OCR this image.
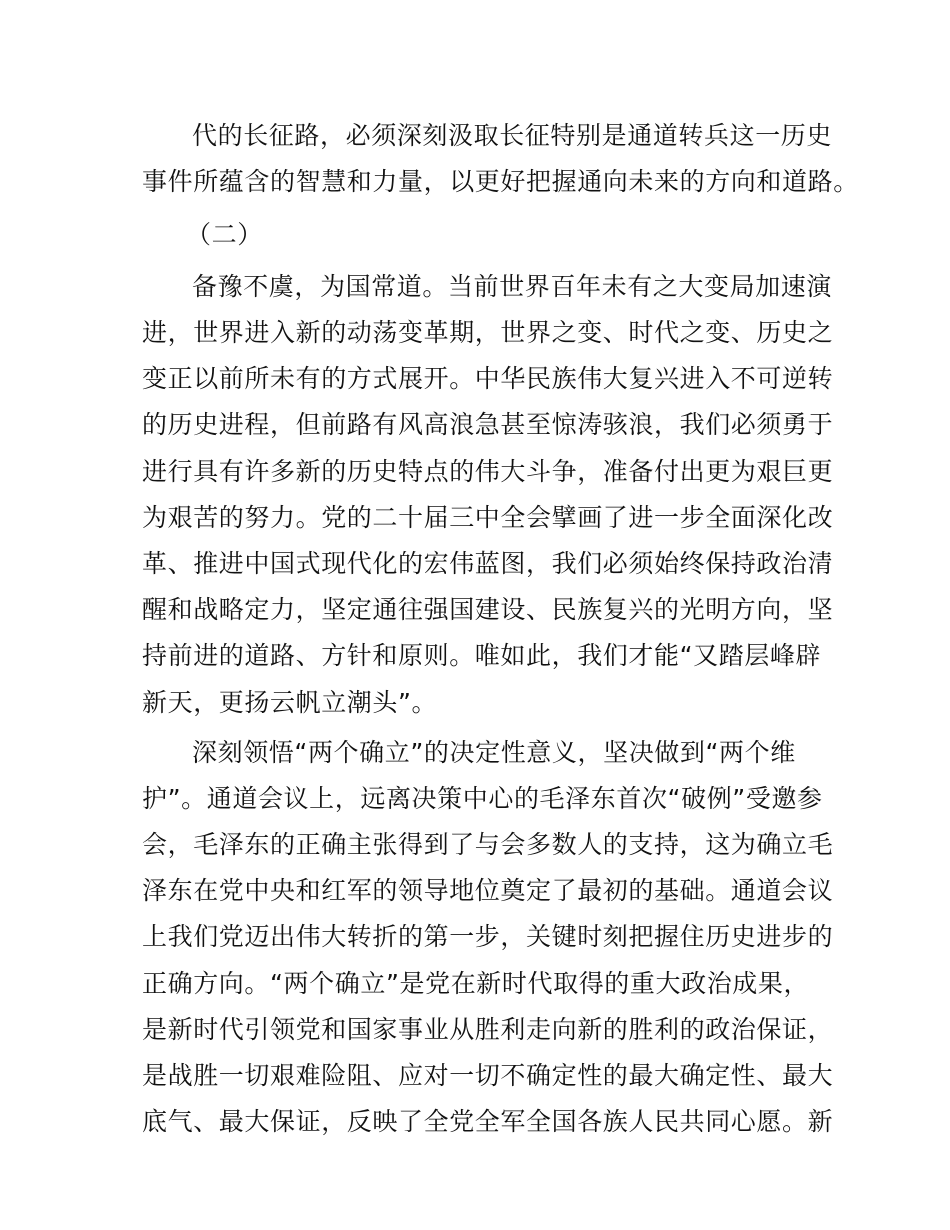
代的长征路，必须深刻汲取长征特别是通道转兵这一历史
事件所蕴含的智慧和力量，以更好把握通向未来的方向和道路。
（二）
备豫不虞，为国常道。当前世界百年未有之大变局加速演
进，世界进入新的动荡变革期，世界之变、时代之变、历史之
变正以前所未有的方式展开。中华民族伟大复兴进入不可逆转
的历史进程，但前路有风高浪急甚至惊涛骇浪，我们必须勇于
进行具有许多新的历史特点的伟大斗争，准备付出更为艰巨更
为艰苦的努力。党的二十届三中全会擘画了进一步全面深化改
革、推进中国式现代化的宏伟蓝图，我们必须始终保持政治清
醒和战略定力，坚定通往强国建设、民族复兴的光明方向，坚
持前进的道路、方针和原则。唯如此，我们才能“又踏层峰辟
新天，更扬云帆立潮头”。
深刻领悟“两个确立”的决定性意义，坚决做到“两个维
护”。通道会议上，远离决策中心的毛泽东首次“破例”受邀参
会，毛泽东的正确主张得到了与会多数人的支持，这为确立毛
泽东在党中央和红军的领导地位奠定了最初的基础。通道会议
上我们党迈出伟大转折的第一步，关键时刻把握住历史进步的
正确方向。“两个确立”是党在新时代取得的重大政治成果，
是新时代引领党和国家事业从胜利走向新的胜利的政治保证，
是战胜一切艰难险阻、应对一切不确定性的最大确定性、最大
底气、最大保证，反映了全党全军全国各族人民共同心愿。新
